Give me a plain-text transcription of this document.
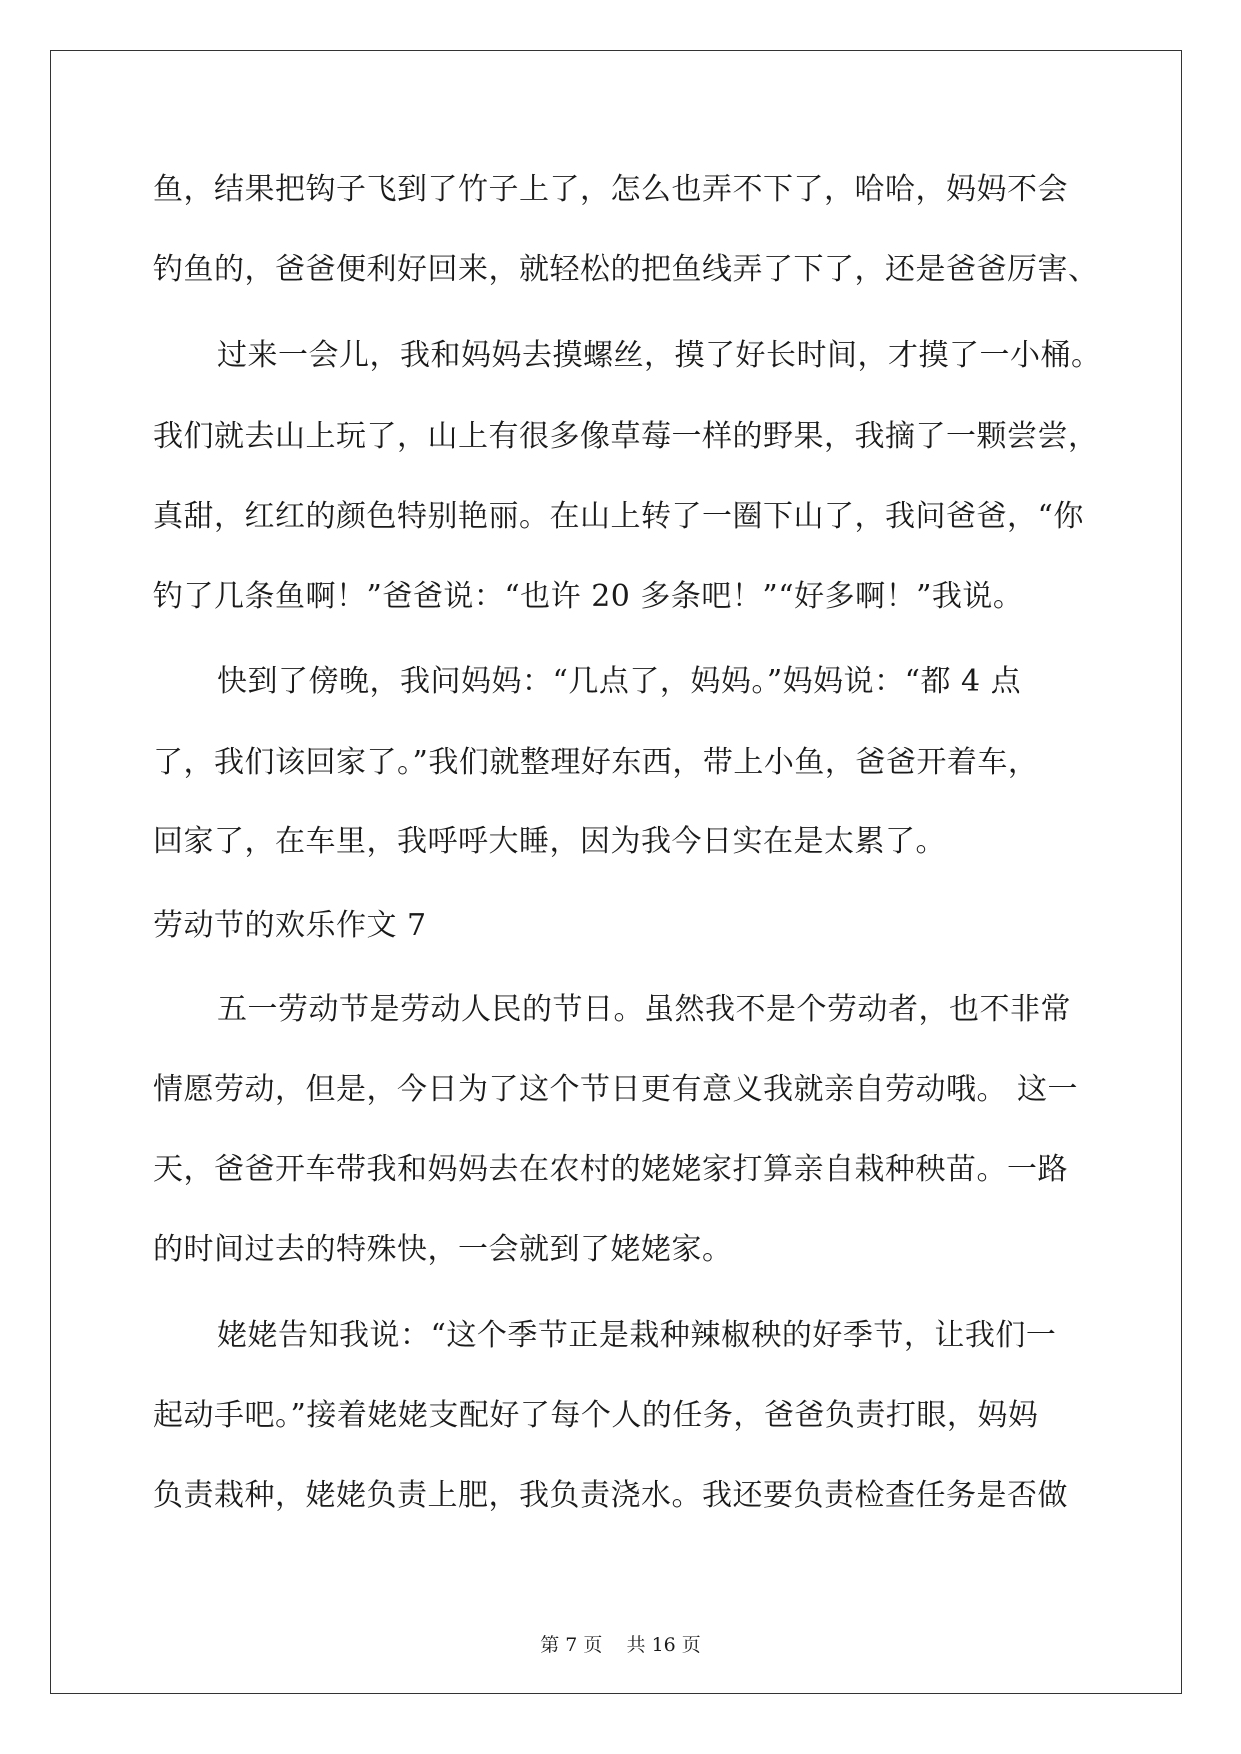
鱼，结果把钩子飞到了竹子上了，怎么也弄不下了，哈哈，妈妈不会
钓鱼的，爸爸便利好回来，就轻松的把鱼线弄了下了，还是爸爸厉害、
过来一会儿，我和妈妈去摸螺丝，摸了好长时间，才摸了一小桶。
我们就去山上玩了，山上有很多像草莓一样的野果，我摘了一颗尝尝，
真甜，红红的颜色特别艳丽。在山上转了一圈下山了，我问爸爸，“你
钓了几条鱼啊！”爸爸说：“也许 20 多条吧！”“好多啊！”我说。
快到了傍晚，我问妈妈：“几点了，妈妈。”妈妈说：“都 4 点
了，我们该回家了。”我们就整理好东西，带上小鱼，爸爸开着车，
回家了，在车里，我呼呼大睡，因为我今日实在是太累了。
劳动节的欢乐作文 7
五一劳动节是劳动人民的节日。虽然我不是个劳动者，也不非常
情愿劳动，但是，今日为了这个节日更有意义我就亲自劳动哦。 这一
天，爸爸开车带我和妈妈去在农村的姥姥家打算亲自栽种秧苗。一路
的时间过去的特殊快，一会就到了姥姥家。
姥姥告知我说：“这个季节正是栽种辣椒秧的好季节，让我们一
起动手吧。”接着姥姥支配好了每个人的任务，爸爸负责打眼，妈妈
负责栽种，姥姥负责上肥，我负责浇水。我还要负责检查任务是否做
第 7 页    共 16 页
